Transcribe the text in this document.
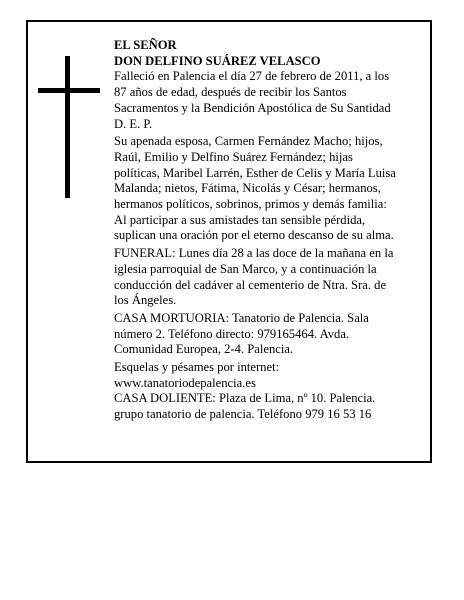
EL SEÑOR
DON DELFINO SUÁREZ VELASCO

Falleció en Palencia el día 27 de febrero de 2011, a los
87 años de edad, después de recibir los Santos
Sacramentos y la Bendición Apostólica de Su Santidad
D. E. P.

Su apenada esposa, Carmen Fernández Macho; hijos,
Raúl, Emilio y Delfino Suárez Fernández; hijas
políticas, Maribel Larrén, Esther de Celis y María Luisa
Malanda; nietos, Fátima, Nicolás y César; hermanos,
hermanos políticos, sobrinos, primos y demás familia:
Al participar a sus amistades tan sensible pérdida,
suplican una oración por el eterno descanso de su alma.

FUNERAL: Lunes día 28 a las doce de la mañana en la
iglesia parroquial de San Marco, y a continuación la
conducción del cadáver al cementerio de Ntra. Sra. de
los Ángeles.

CASA MORTUORIA: Tanatorio de Palencia. Sala
número 2. Teléfono directo: 979165464. Avda.
Comunidad Europea, 2-4. Palencia.

Esquelas y pésames por internet:
www.tanatoriodepalencia.es
CASA DOLIENTE: Plaza de Lima, nº 10. Palencia.
grupo tanatorio de palencia. Teléfono 979 16 53 16
